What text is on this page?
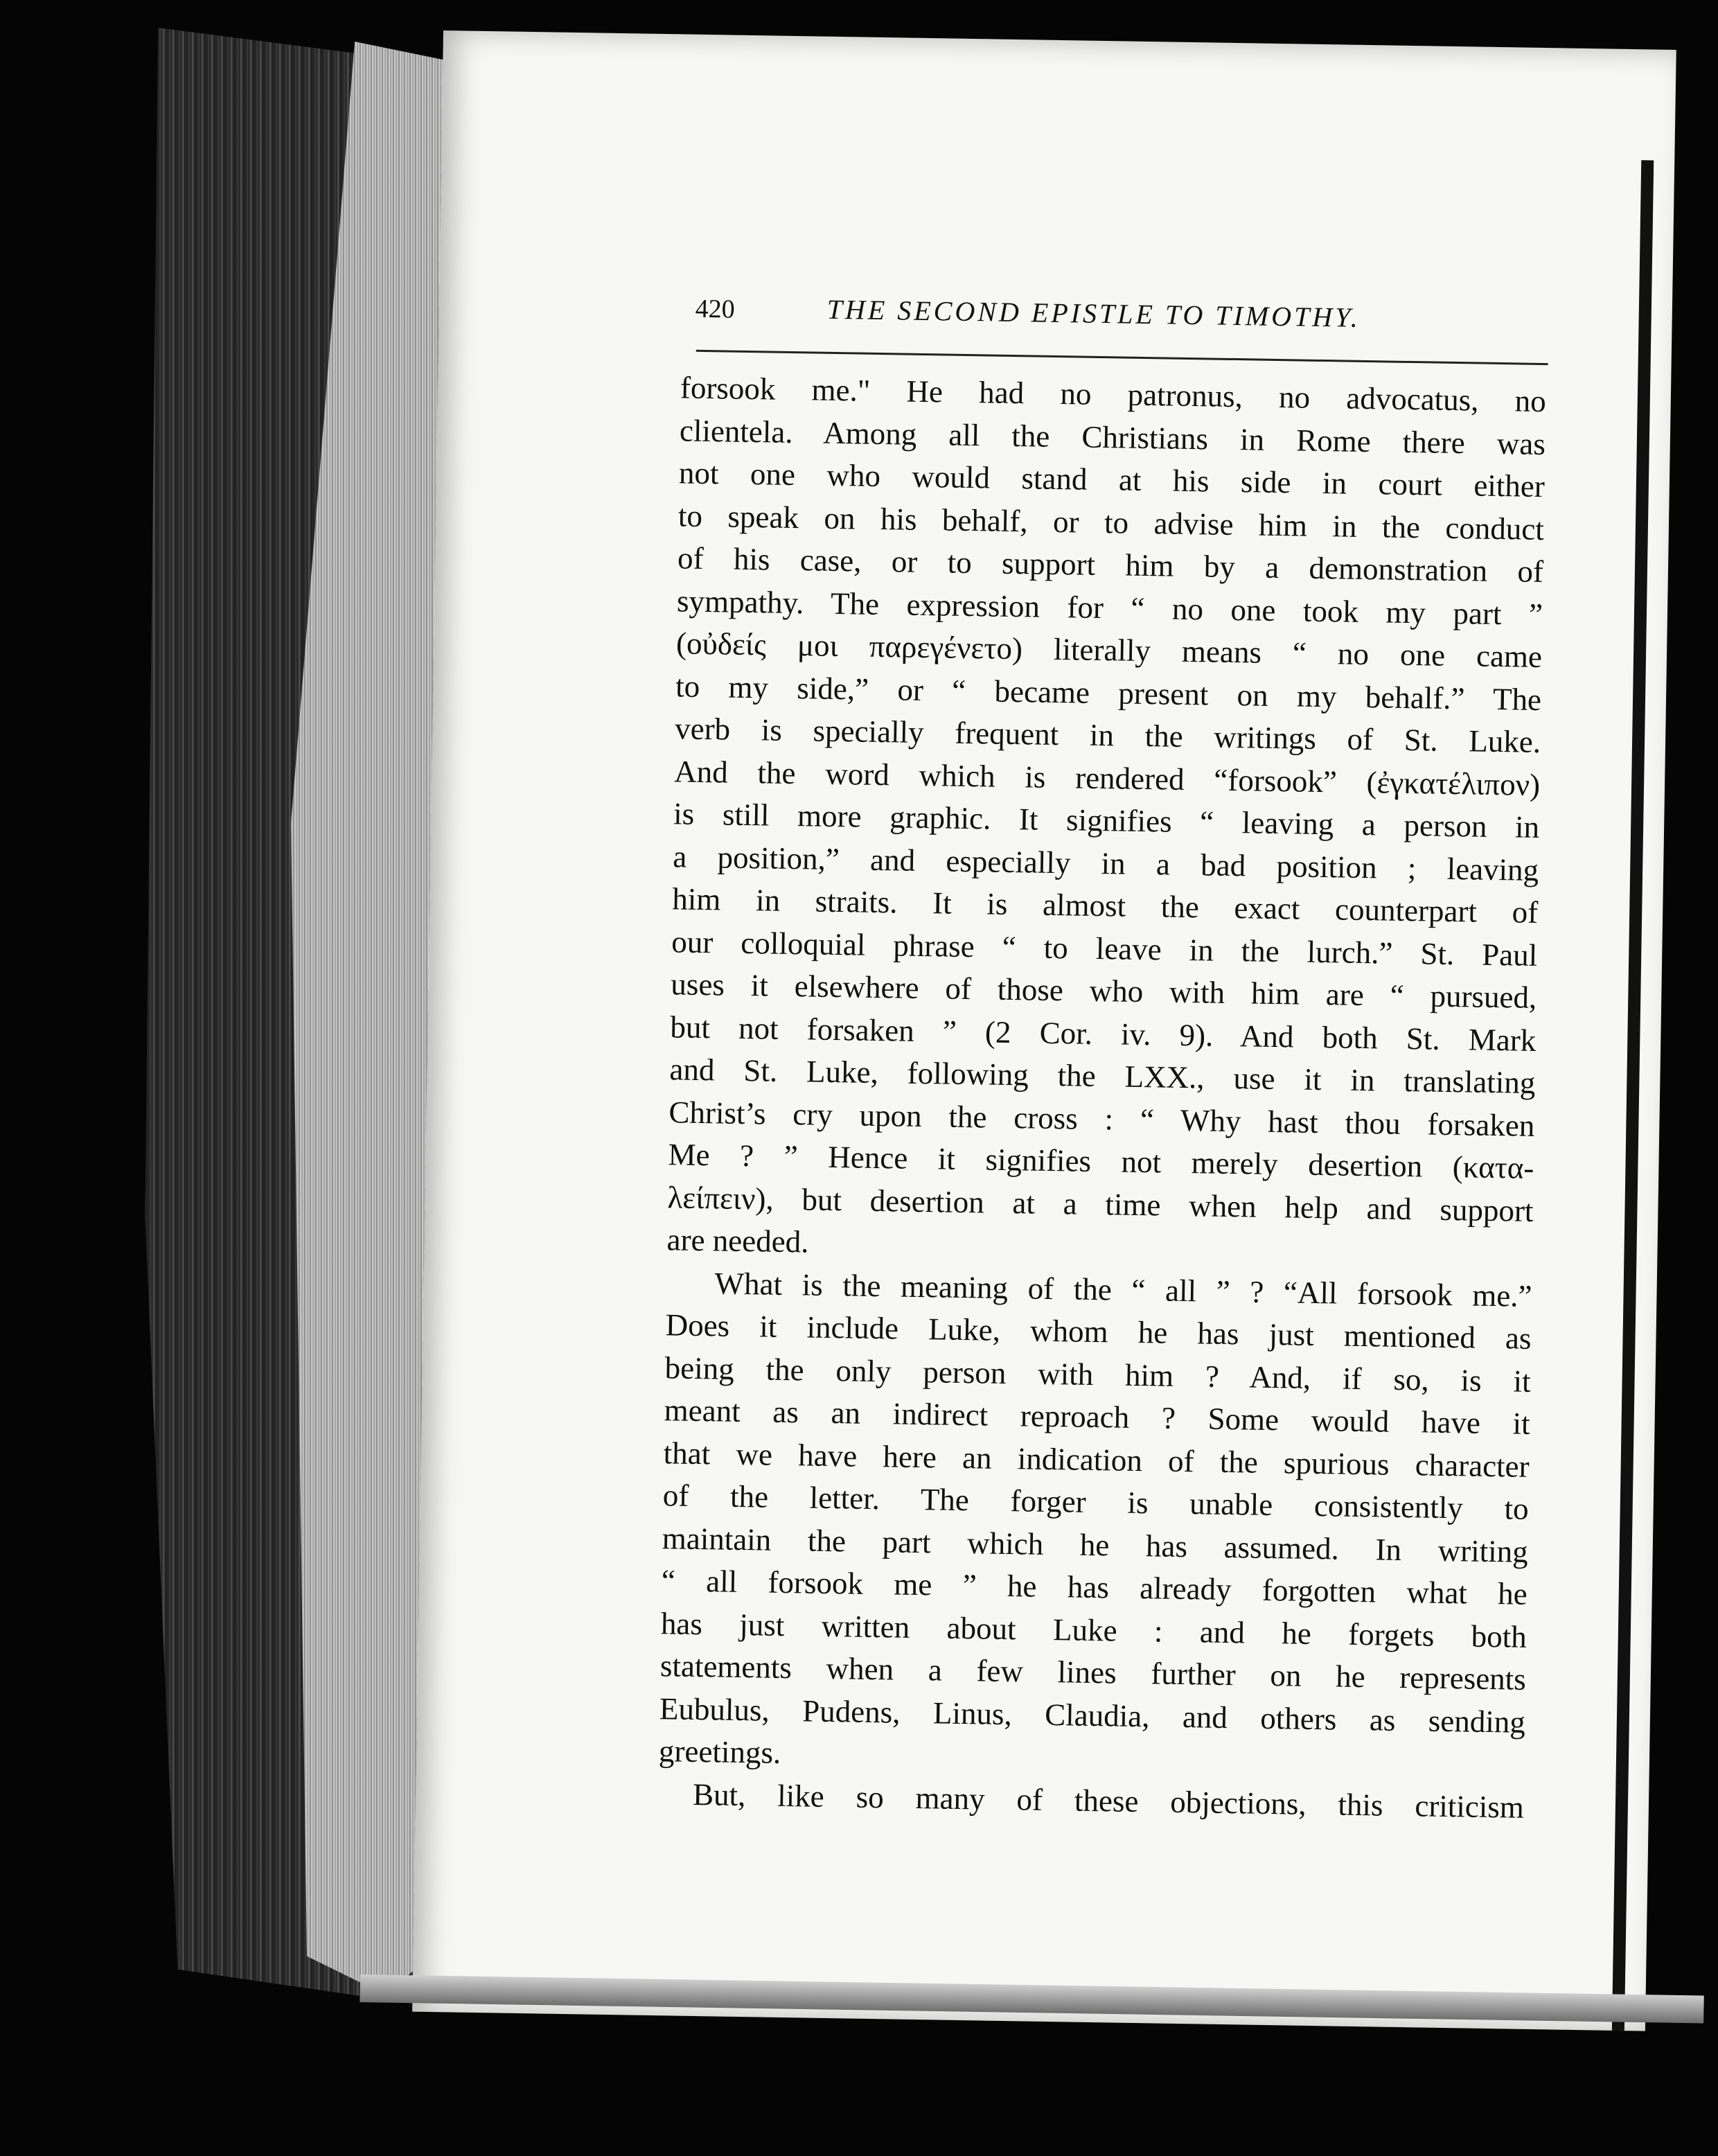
420	THE SECOND EPISTLE TO TIMOTHY.
forsook me." He had no patronus, no advocatus, no
clientela. Among all the Christians in Rome there was
not one who would stand at his side in court either
to speak on his behalf, or to advise him in the conduct
of his case, or to support him by a demonstration of
sympathy. The expression for “ no one took my part ”
(οὐδείς μοι παρεγένετο) literally means “ no one came
to my side,” or “ became present on my behalf.” The
verb is specially frequent in the writings of St. Luke.
And the word which is rendered “forsook” (ἐγκατέλιπον)
is still more graphic. It signifies “ leaving a person in
a position,” and especially in a bad position ; leaving
him in straits. It is almost the exact counterpart of
our colloquial phrase “ to leave in the lurch.” St. Paul
uses it elsewhere of those who with him are “ pursued,
but not forsaken ” (2 Cor. iv. 9). And both St. Mark
and St. Luke, following the LXX., use it in translating
Christ’s cry upon the cross : “ Why hast thou forsaken
Me ? ” Hence it signifies not merely desertion (κατα-
λείπειν), but desertion at a time when help and support
are needed.
What is the meaning of the “ all ” ? “All forsook me.”
Does it include Luke, whom he has just mentioned as
being the only person with him ? And, if so, is it
meant as an indirect reproach ? Some would have it
that we have here an indication of the spurious character
of the letter. The forger is unable consistently to
maintain the part which he has assumed. In writing
“ all forsook me ” he has already forgotten what he
has just written about Luke : and he forgets both
statements when a few lines further on he represents
Eubulus, Pudens, Linus, Claudia, and others as sending
greetings.
But, like so many of these objections, this criticism
